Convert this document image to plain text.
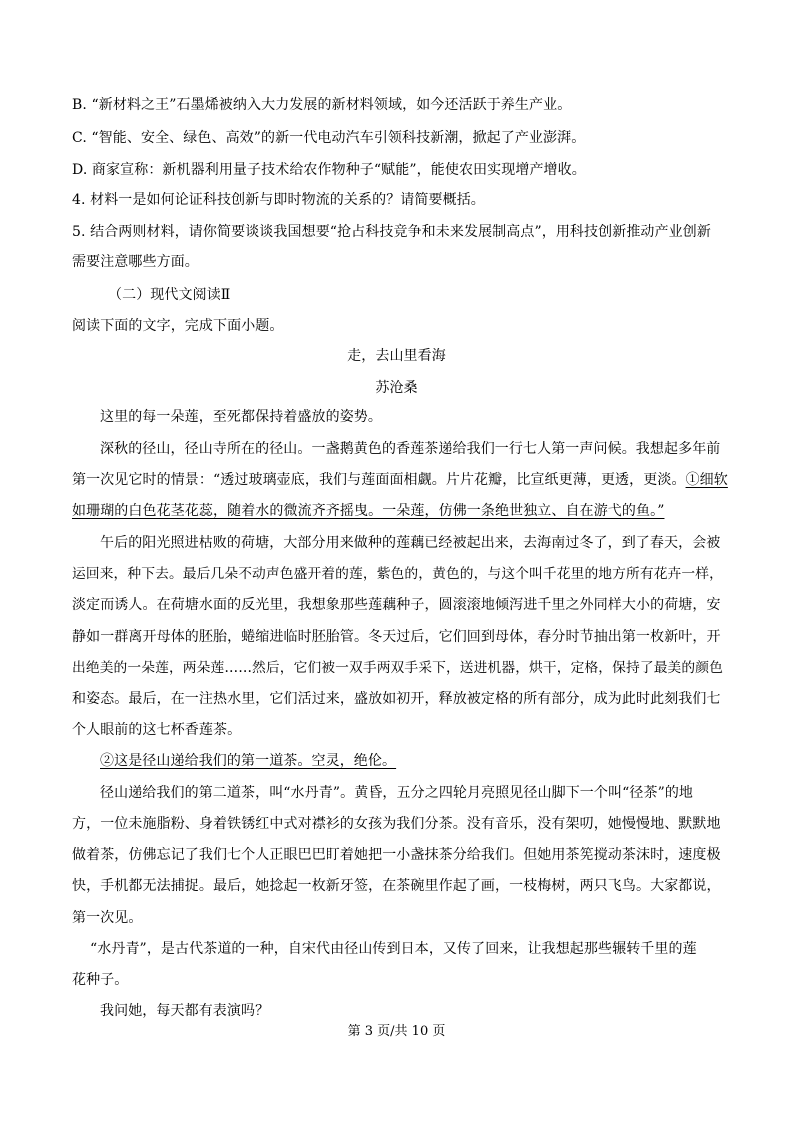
B. “新材料之王”石墨烯被纳入大力发展的新材料领域，如今还活跃于养生产业。
C. “智能、安全、绿色、高效”的新一代电动汽车引领科技新潮，掀起了产业澎湃。
D. 商家宣称：新机器利用量子技术给农作物种子“赋能”，能使农田实现增产增收。
4. 材料一是如何论证科技创新与即时物流的关系的？请简要概括。
5. 结合两则材料，请你简要谈谈我国想要“抢占科技竞争和未来发展制高点”，用科技创新推动产业创新
需要注意哪些方面。
（二）现代文阅读Ⅱ
阅读下面的文字，完成下面小题。
走，去山里看海
苏沧桑
这里的每一朵莲，至死都保持着盛放的姿势。
深秋的径山，径山寺所在的径山。一盏鹅黄色的香莲茶递给我们一行七人第一声问候。我想起多年前
第一次见它时的情景：“透过玻璃壶底，我们与莲面面相觑。片片花瓣，比宣纸更薄，更透，更淡。①细软
如珊瑚的白色花茎花蕊，随着水的微流齐齐摇曳。一朵莲，仿佛一条绝世独立、自在游弋的鱼。”
午后的阳光照进枯败的荷塘，大部分用来做种的莲藕已经被起出来，去海南过冬了，到了春天，会被
运回来，种下去。最后几朵不动声色盛开着的莲，紫色的，黄色的，与这个叫千花里的地方所有花卉一样，
淡定而诱人。在荷塘水面的反光里，我想象那些莲藕种子，圆滚滚地倾泻进千里之外同样大小的荷塘，安
静如一群离开母体的胚胎，蜷缩进临时胚胎管。冬天过后，它们回到母体，春分时节抽出第一枚新叶，开
出绝美的一朵莲，两朵莲……然后，它们被一双手两双手采下，送进机器，烘干，定格，保持了最美的颜色
和姿态。最后，在一注热水里，它们活过来，盛放如初开，释放被定格的所有部分，成为此时此刻我们七
个人眼前的这七杯香莲茶。
②这是径山递给我们的第一道茶。空灵，绝伦。
径山递给我们的第二道茶，叫“水丹青”。黄昏，五分之四轮月亮照见径山脚下一个叫“径茶”的地
方，一位未施脂粉、身着铁锈红中式对襟衫的女孩为我们分茶。没有音乐，没有架叨，她慢慢地、默默地
做着茶，仿佛忘记了我们七个人正眼巴巴盯着她把一小盏抹茶分给我们。但她用茶筅搅动茶沫时，速度极
快，手机都无法捕捉。最后，她捻起一枚新牙签，在茶碗里作起了画，一枝梅树，两只飞鸟。大家都说，
第一次见。
“水丹青”，是古代茶道的一种，自宋代由径山传到日本，又传了回来，让我想起那些辗转千里的莲
花种子。
我问她，每天都有表演吗？
第 3 页/共 10 页
